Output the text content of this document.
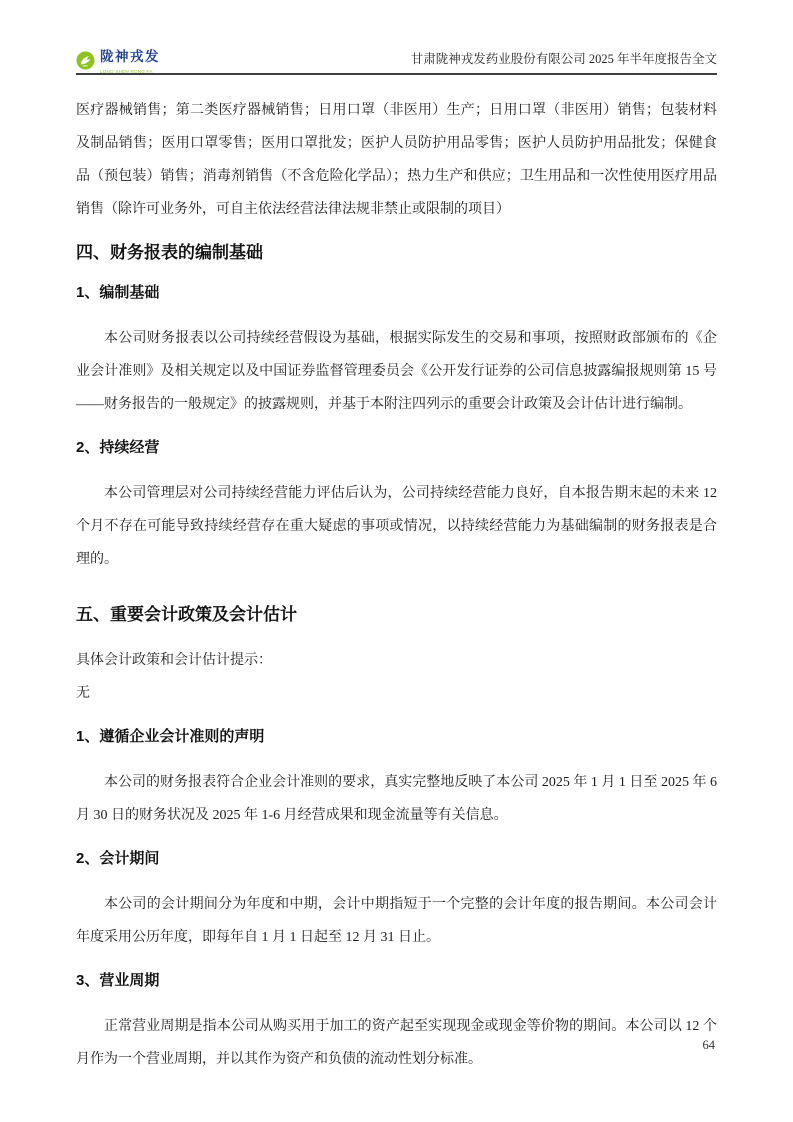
陇神戎发
LONG SHEN RONG FA
甘肃陇神戎发药业股份有限公司 2025 年半年度报告全文

医疗器械销售；第二类医疗器械销售；日用口罩（非医用）生产；日用口罩（非医用）销售；包装材料及制品销售；医用口罩零售；医用口罩批发；医护人员防护用品零售；医护人员防护用品批发；保健食品（预包装）销售；消毒剂销售（不含危险化学品）；热力生产和供应；卫生用品和一次性使用医疗用品销售（除许可业务外，可自主依法经营法律法规非禁止或限制的项目）

四、财务报表的编制基础
1、编制基础

本公司财务报表以公司持续经营假设为基础，根据实际发生的交易和事项，按照财政部颁布的《企业会计准则》及相关规定以及中国证券监督管理委员会《公开发行证券的公司信息披露编报规则第 15 号——财务报告的一般规定》的披露规则，并基于本附注四列示的重要会计政策及会计估计进行编制。

2、持续经营

本公司管理层对公司持续经营能力评估后认为，公司持续经营能力良好，自本报告期末起的未来 12 个月不存在可能导致持续经营存在重大疑虑的事项或情况，以持续经营能力为基础编制的财务报表是合理的。

五、重要会计政策及会计估计

具体会计政策和会计估计提示：

无

1、遵循企业会计准则的声明

本公司的财务报表符合企业会计准则的要求，真实完整地反映了本公司 2025 年 1 月 1 日至 2025 年 6 月 30 日的财务状况及 2025 年 1-6 月经营成果和现金流量等有关信息。

2、会计期间

本公司的会计期间分为年度和中期，会计中期指短于一个完整的会计年度的报告期间。本公司会计年度采用公历年度，即每年自 1 月 1 日起至 12 月 31 日止。

3、营业周期

正常营业周期是指本公司从购买用于加工的资产起至实现现金或现金等价物的期间。本公司以 12 个月作为一个营业周期，并以其作为资产和负债的流动性划分标准。

64
